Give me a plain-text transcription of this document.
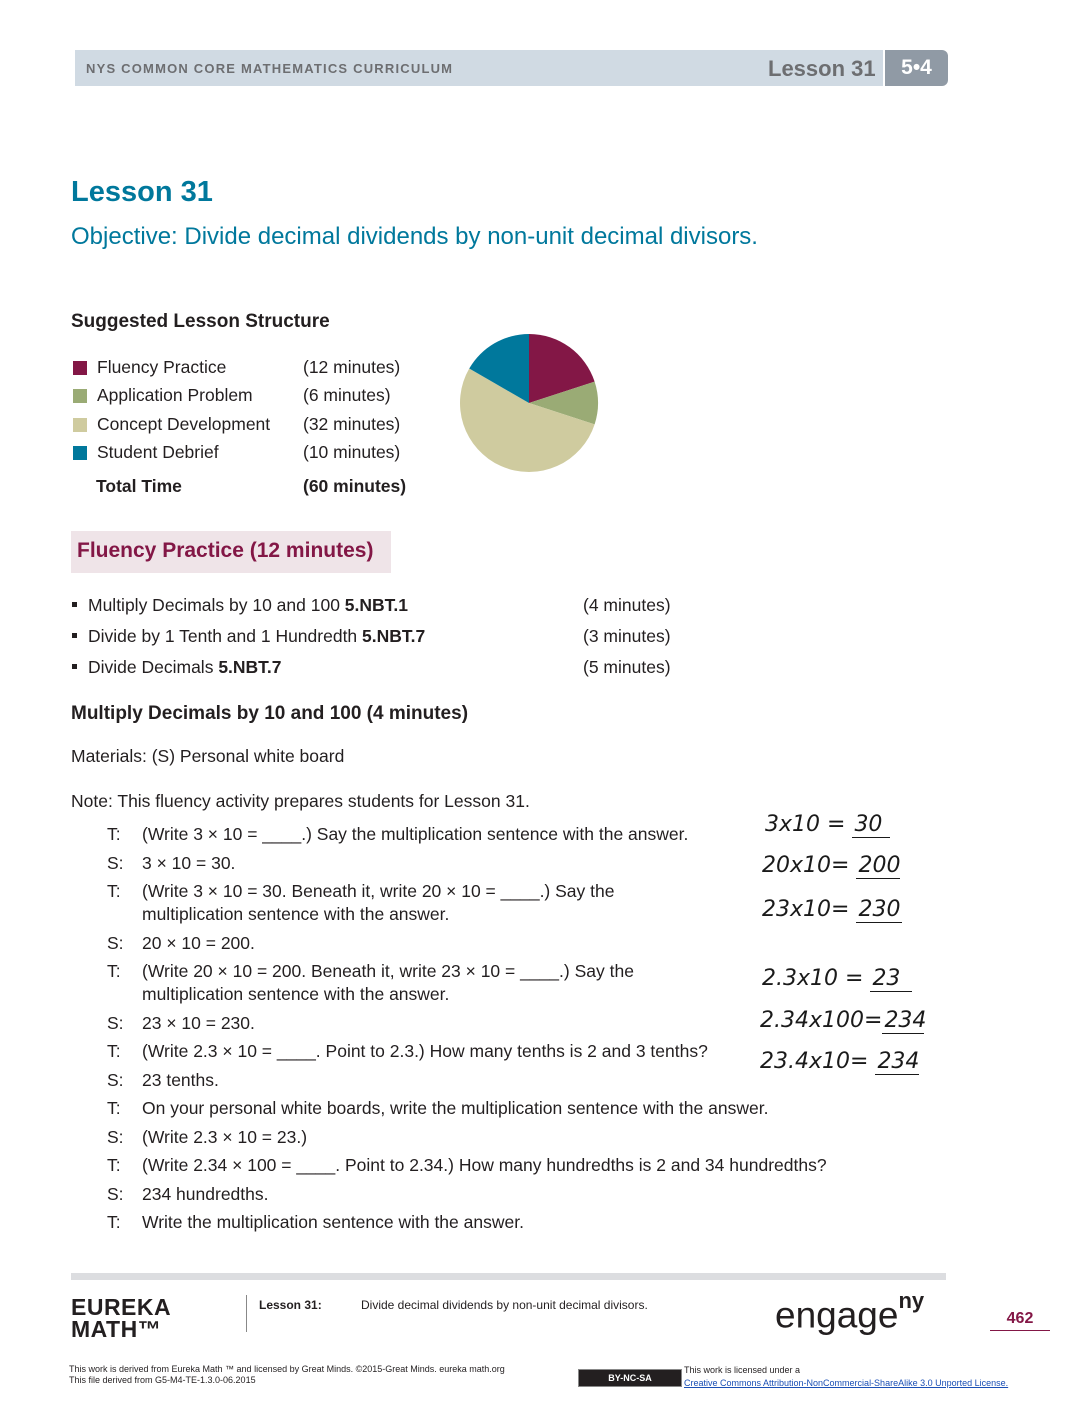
NYS COMMON CORE MATHEMATICS CURRICULUM	Lesson 31	5•4
Lesson 31
Objective: Divide decimal dividends by non-unit decimal divisors.
Suggested Lesson Structure
Fluency Practice	(12 minutes)
Application Problem	(6 minutes)
Concept Development (32 minutes)
Student Debrief	(10 minutes)
Total Time	(60 minutes)
Fluency Practice (12 minutes)
Multiply Decimals by 10 and 100 5.NBT.1	(4 minutes)
Divide by 1 Tenth and 1 Hundredth 5.NBT.7	(3 minutes)
Divide Decimals 5.NBT.7	(5 minutes)
Multiply Decimals by 10 and 100 (4 minutes)
Materials: (S) Personal white board
Note: This fluency activity prepares students for Lesson 31.
T: (Write 3 × 10 = ____.) Say the multiplication sentence with the answer.
S: 3 × 10 = 30.
T: (Write 3 × 10 = 30. Beneath it, write 20 × 10 = ____.) Say the multiplication sentence with the answer.
S: 20 × 10 = 200.
T: (Write 20 × 10 = 200. Beneath it, write 23 × 10 = ____.) Say the multiplication sentence with the answer.
S: 23 × 10 = 230.
T: (Write 2.3 × 10 = ____. Point to 2.3.) How many tenths is 2 and 3 tenths?
S: 23 tenths.
T: On your personal white boards, write the multiplication sentence with the answer.
S: (Write 2.3 × 10 = 23.)
T: (Write 2.34 × 100 = ____. Point to 2.34.) How many hundredths is 2 and 34 hundredths?
S: 234 hundredths.
T: Write the multiplication sentence with the answer.
3x10 = 30
20x10= 200
23x10= 230
2.3x10 = 23
2.34x100=234
23.4x10= 234
EUREKA
MATH™
Lesson 31:	Divide decimal dividends by non-unit decimal divisors.	engage$^{ny}$
462
This work is derived from Eureka Math ™ and licensed by Great Minds. ©2015-Great Minds. eureka math.org
This file derived from G5-M4-TE-1.3.0-06.2015	BY-NC-SA
This work is licensed under a
Creative Commons Attribution-NonCommercial-ShareAlike 3.0 Unported License.
